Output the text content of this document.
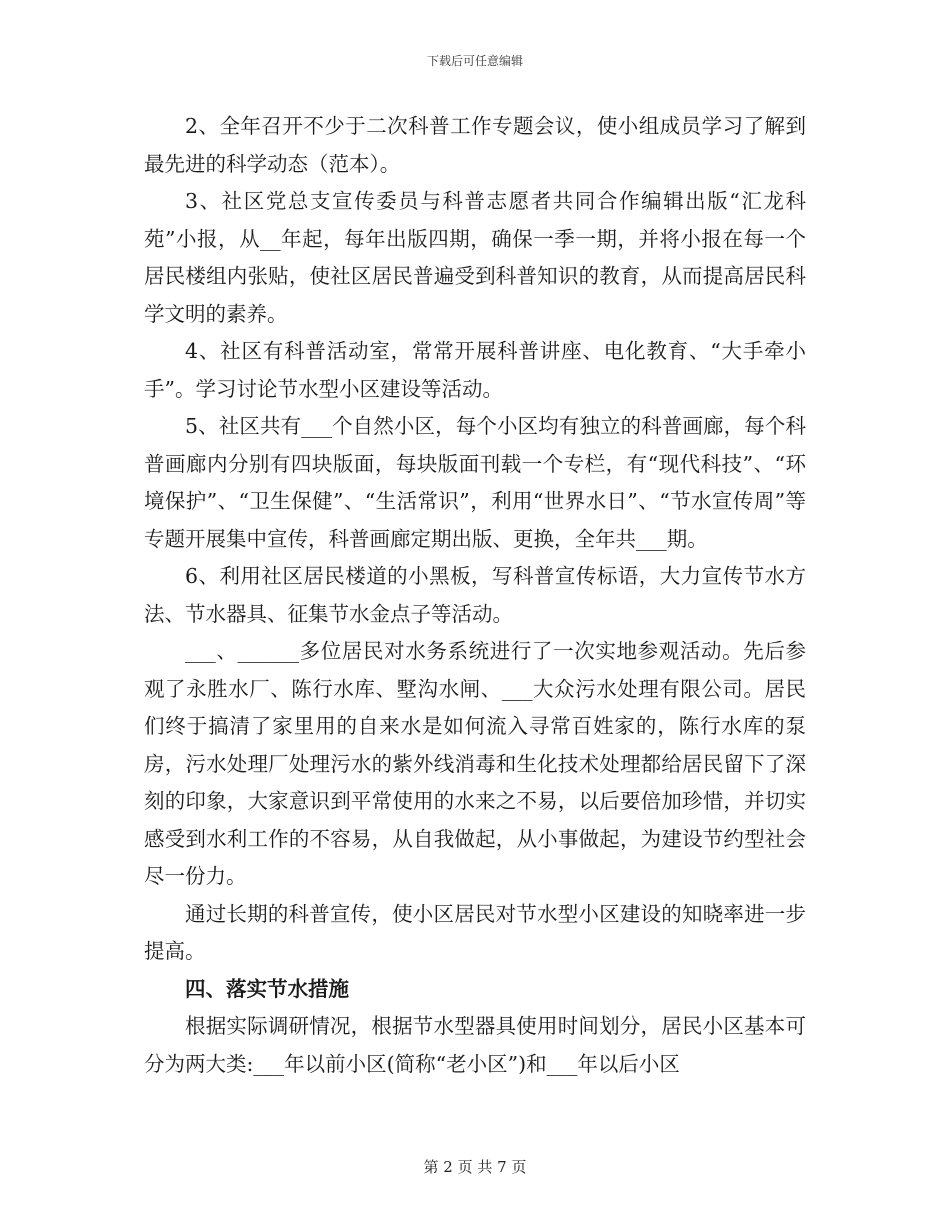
下载后可任意编辑

2、全年召开不少于二次科普工作专题会议，使小组成员学习了解到最先进的科学动态（范本）。

3、社区党总支宣传委员与科普志愿者共同合作编辑出版“汇龙科苑”小报，从__年起，每年出版四期，确保一季一期，并将小报在每一个居民楼组内张贴，使社区居民普遍受到科普知识的教育，从而提高居民科学文明的素养。

4、社区有科普活动室，常常开展科普讲座、电化教育、“大手牵小手”。学习讨论节水型小区建设等活动。

5、社区共有___个自然小区，每个小区均有独立的科普画廊，每个科普画廊内分别有四块版面，每块版面刊载一个专栏，有“现代科技”、“环境保护”、“卫生保健”、“生活常识”，利用“世界水日”、“节水宣传周”等专题开展集中宣传，科普画廊定期出版、更换，全年共___期。

6、利用社区居民楼道的小黑板，写科普宣传标语，大力宣传节水方法、节水器具、征集节水金点子等活动。

___、______多位居民对水务系统进行了一次实地参观活动。先后参观了永胜水厂、陈行水库、墅沟水闸、___大众污水处理有限公司。居民们终于搞清了家里用的自来水是如何流入寻常百姓家的，陈行水库的泵房，污水处理厂处理污水的紫外线消毒和生化技术处理都给居民留下了深刻的印象，大家意识到平常使用的水来之不易，以后要倍加珍惜，并切实感受到水利工作的不容易，从自我做起，从小事做起，为建设节约型社会尽一份力。

通过长期的科普宣传，使小区居民对节水型小区建设的知晓率进一步提高。

四、落实节水措施

根据实际调研情况，根据节水型器具使用时间划分，居民小区基本可分为两大类:___年以前小区(简称“老小区”)和___年以后小区

第 2 页 共 7 页
